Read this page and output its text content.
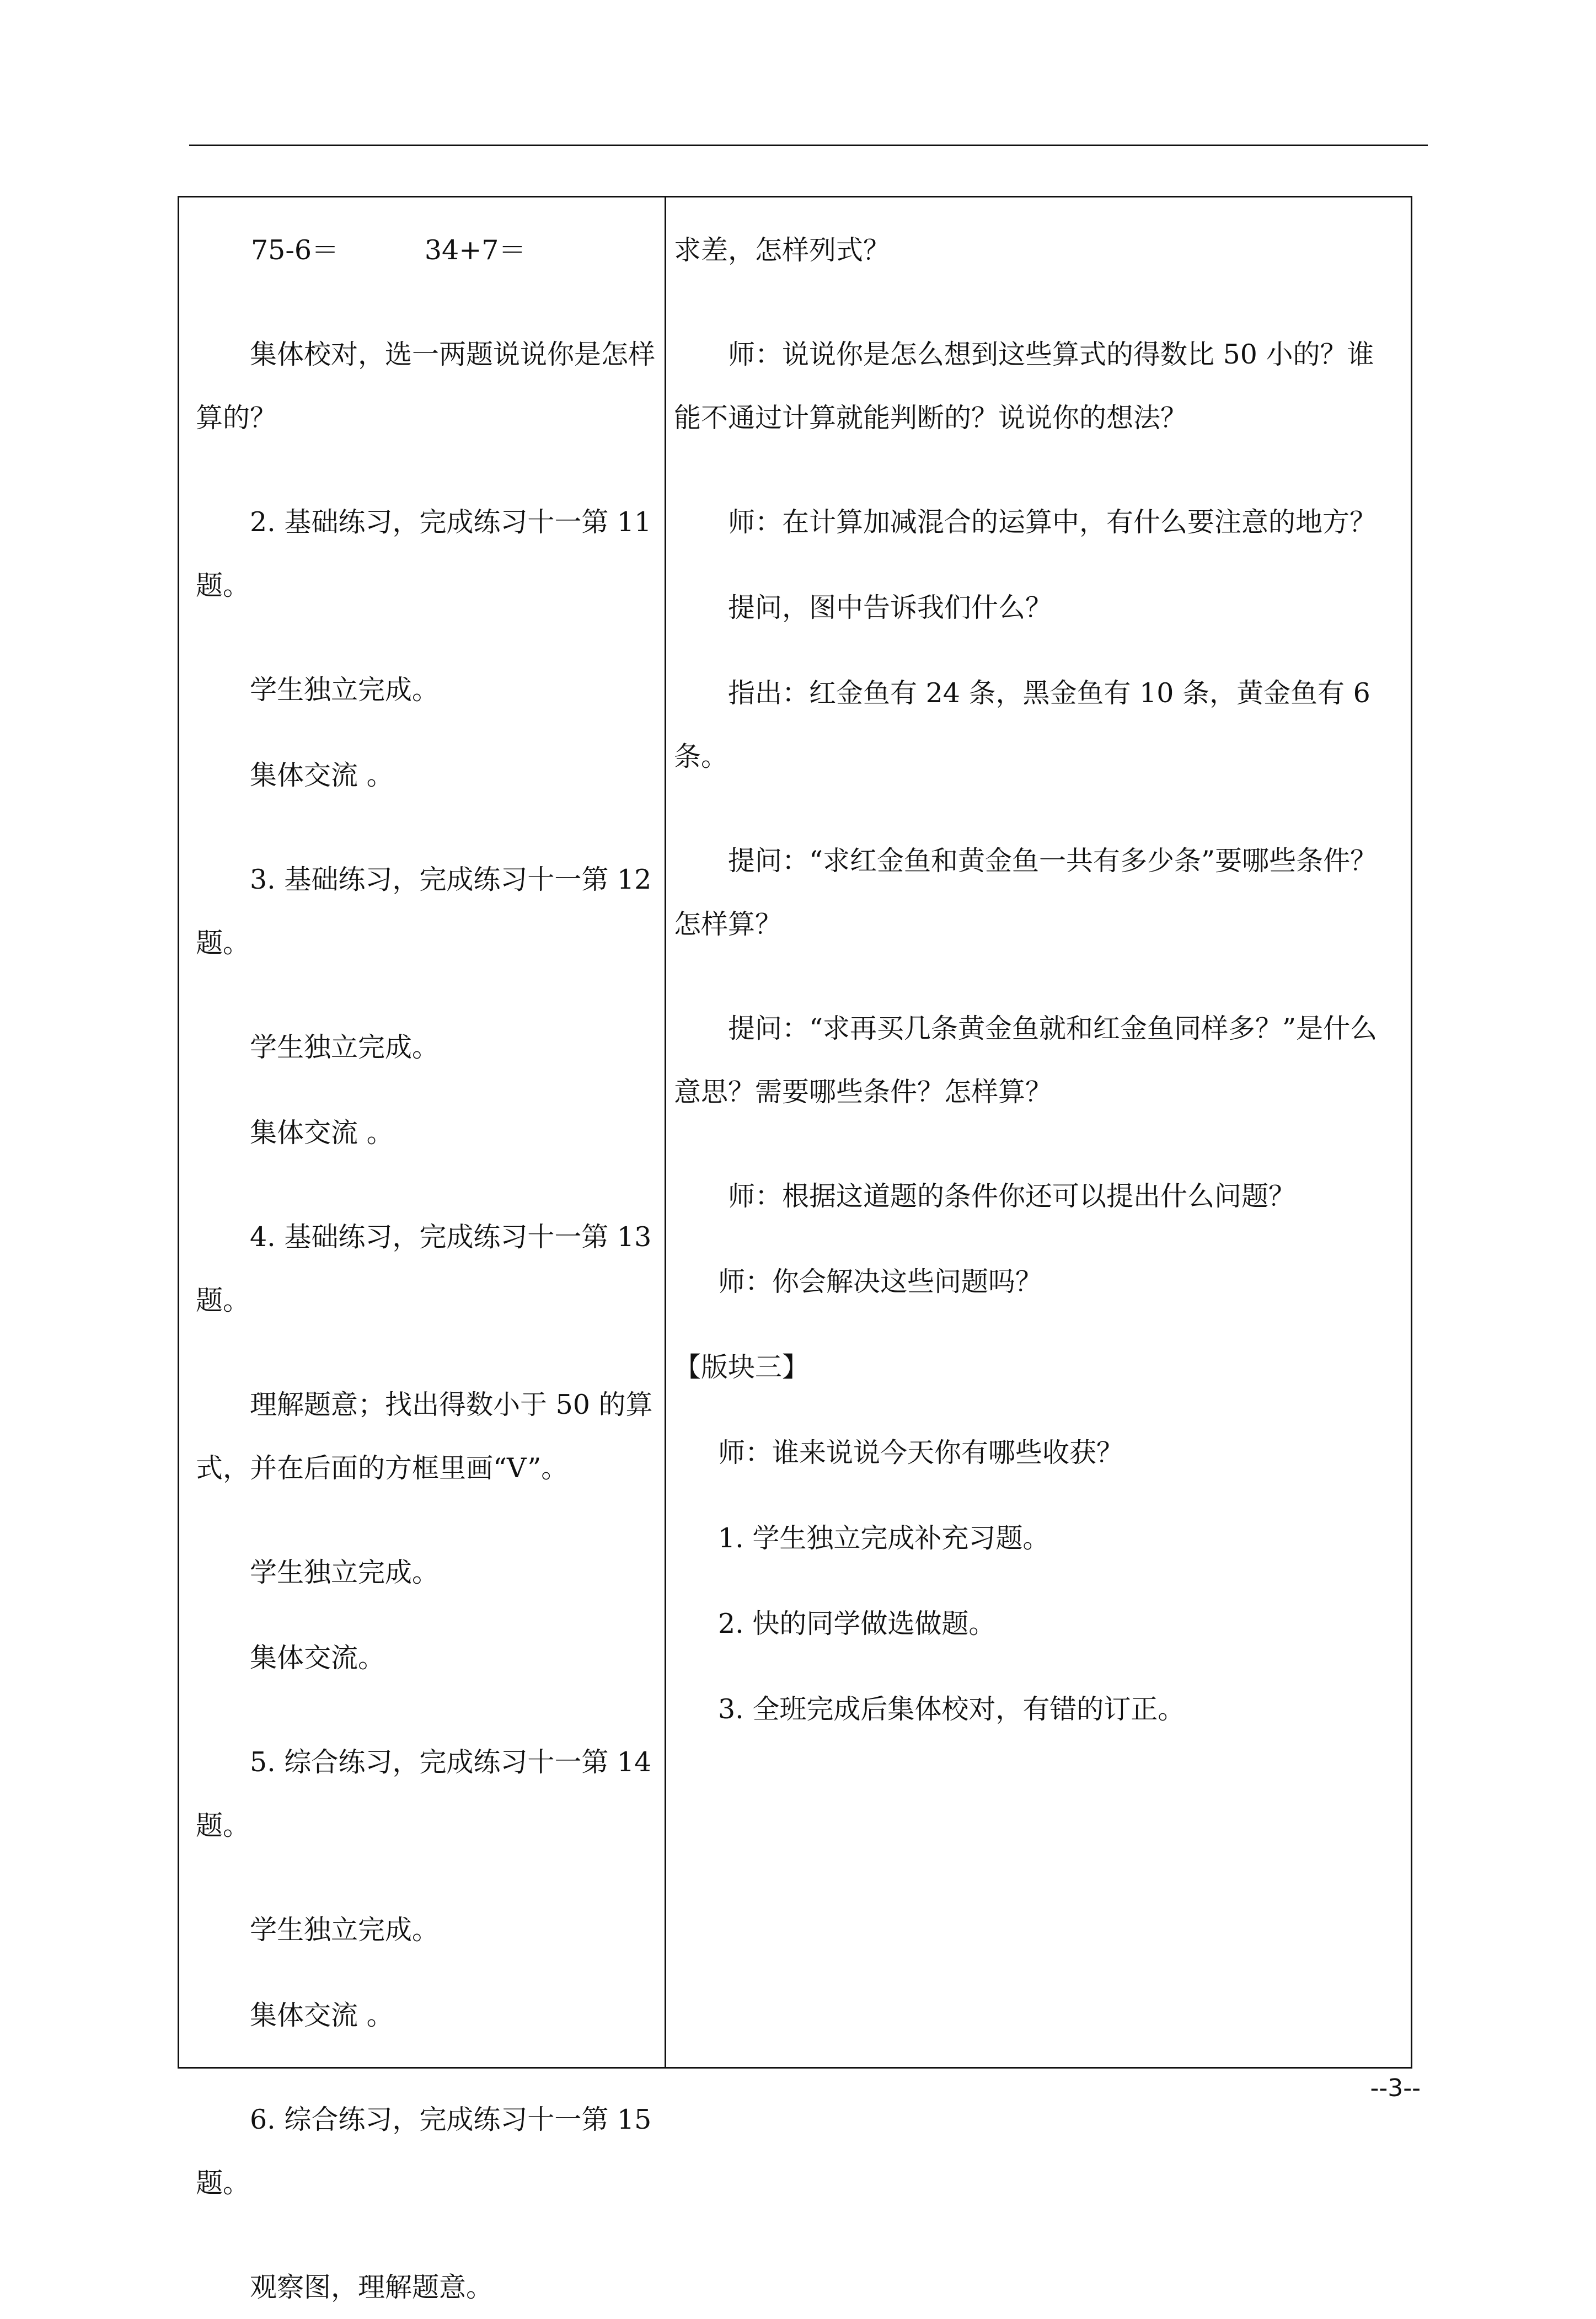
75-6＝          34+7＝

集体校对，选一两题说说你是怎样算的？

2. 基础练习，完成练习十一第 11 题。

学生独立完成。

集体交流 。

3. 基础练习，完成练习十一第 12 题。

学生独立完成。

集体交流 。

4. 基础练习，完成练习十一第 13 题。

理解题意；找出得数小于 50 的算式，并在后面的方框里画“V”。

学生独立完成。

集体交流。

5. 综合练习，完成练习十一第 14 题。

学生独立完成。

集体交流 。

6. 综合练习，完成练习十一第 15 题。

观察图，理解题意。

求差，怎样列式？

师：说说你是怎么想到这些算式的得数比 50 小的？谁能不通过计算就能判断的？说说你的想法？

师：在计算加减混合的运算中，有什么要注意的地方？

提问，图中告诉我们什么？

指出：红金鱼有 24 条，黑金鱼有 10 条，黄金鱼有 6 条。

提问：“求红金鱼和黄金鱼一共有多少条”要哪些条件？怎样算？

提问：“求再买几条黄金鱼就和红金鱼同样多？”是什么意思？需要哪些条件？怎样算？

师：根据这道题的条件你还可以提出什么问题？

师：你会解决这些问题吗？

【版块三】

师：谁来说说今天你有哪些收获？

1. 学生独立完成补充习题。

2. 快的同学做选做题。

3. 全班完成后集体校对，有错的订正。

--3--
